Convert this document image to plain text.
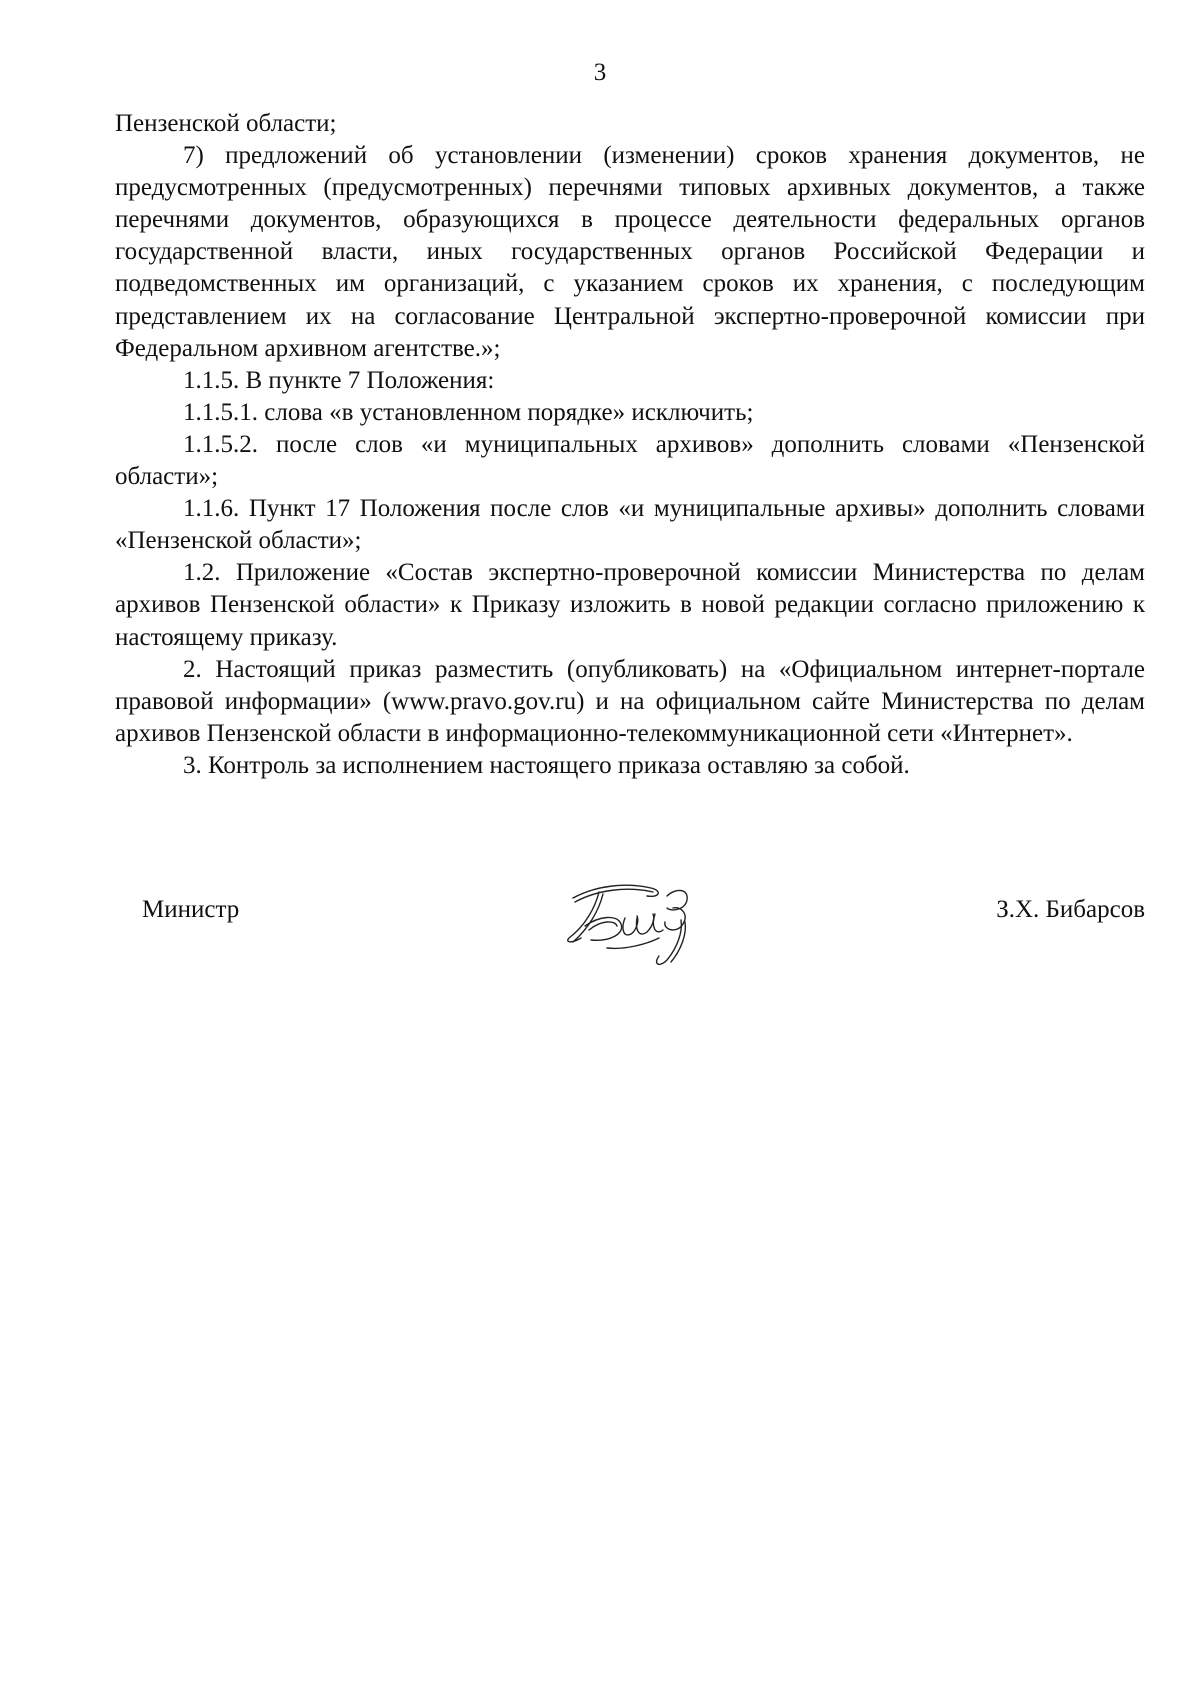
3

Пензенской области;

7) предложений об установлении (изменении) сроков хранения документов, не предусмотренных (предусмотренных) перечнями типовых архивных документов, а также перечнями документов, образующихся в процессе деятельности федеральных органов государственной власти, иных государственных органов Российской Федерации и подведомственных им организаций, с указанием сроков их хранения, с последующим представлением их на согласование Центральной экспертно-проверочной комиссии при Федеральном архивном агентстве.»;

1.1.5. В пункте 7 Положения:

1.1.5.1. слова «в установленном порядке» исключить;

1.1.5.2. после слов «и муниципальных архивов» дополнить словами «Пензенской области»;

1.1.6. Пункт 17 Положения после слов «и муниципальные архивы» дополнить словами «Пензенской области»;

1.2. Приложение «Состав экспертно-проверочной комиссии Министерства по делам архивов Пензенской области» к Приказу изложить в новой редакции согласно приложению к настоящему приказу.

2. Настоящий приказ разместить (опубликовать) на «Официальном интернет-портале правовой информации» (www.pravo.gov.ru) и на официальном сайте Министерства по делам архивов Пензенской области в информационно-телекоммуникационной сети «Интернет».

3. Контроль за исполнением настоящего приказа оставляю за собой.

Министр	З.Х. Бибарсов
